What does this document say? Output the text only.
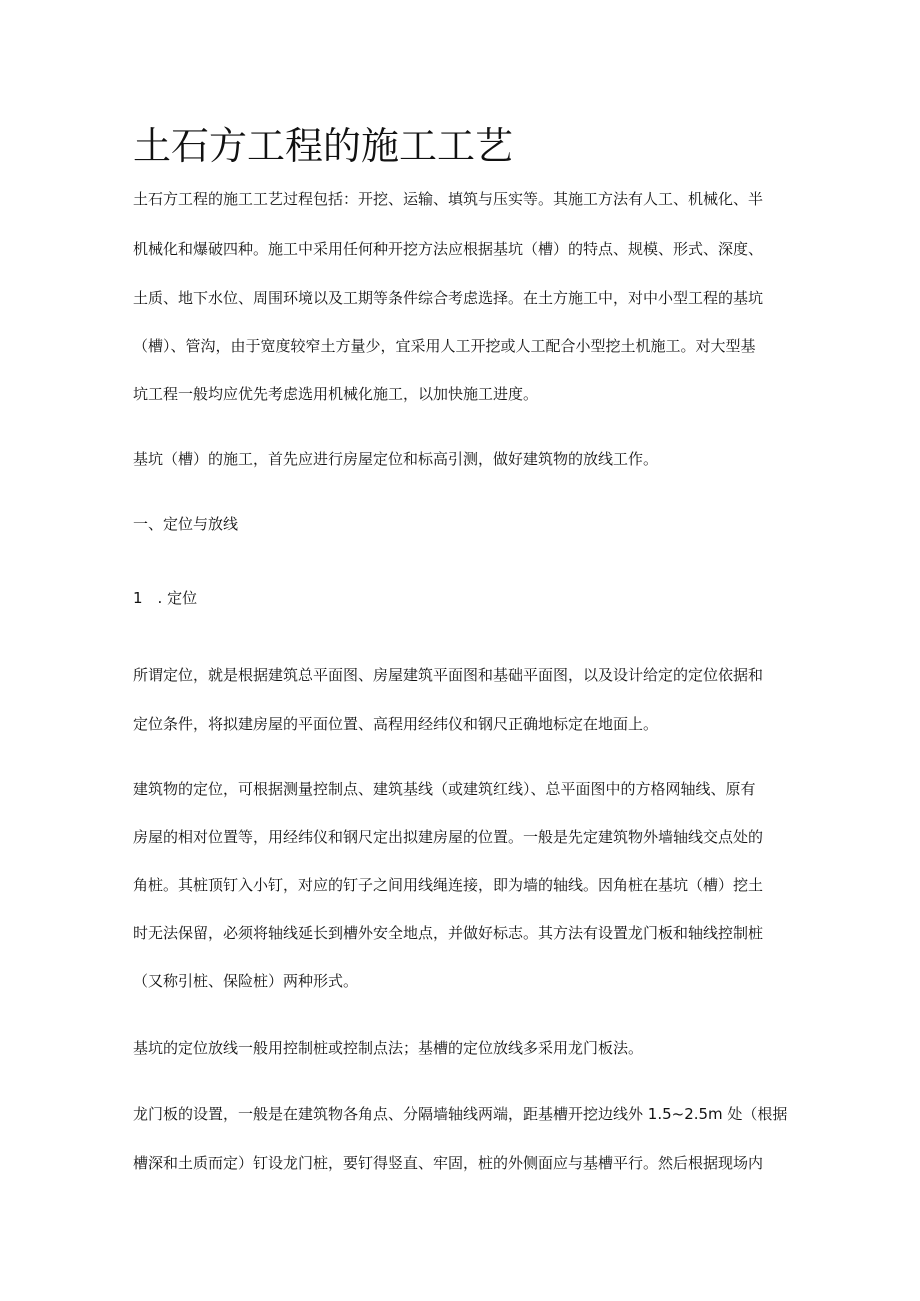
土石方工程的施工工艺

土石方工程的施工工艺过程包括：开挖、运输、填筑与压实等。其施工方法有人工、机械化、半

机械化和爆破四种。施工中采用任何种开挖方法应根据基坑（槽）的特点、规模、形式、深度、

土质、地下水位、周围环境以及工期等条件综合考虑选择。在土方施工中，对中小型工程的基坑

（槽）、管沟，由于宽度较窄土方量少，宜采用人工开挖或人工配合小型挖土机施工。对大型基

坑工程一般均应优先考虑选用机械化施工，以加快施工进度。

基坑（槽）的施工，首先应进行房屋定位和标高引测，做好建筑物的放线工作。

一、定位与放线

1　. 定位

所谓定位，就是根据建筑总平面图、房屋建筑平面图和基础平面图，以及设计给定的定位依据和

定位条件，将拟建房屋的平面位置、高程用经纬仪和钢尺正确地标定在地面上。

建筑物的定位，可根据测量控制点、建筑基线（或建筑红线）、总平面图中的方格网轴线、原有

房屋的相对位置等，用经纬仪和钢尺定出拟建房屋的位置。一般是先定建筑物外墙轴线交点处的

角桩。其桩顶钉入小钉，对应的钉子之间用线绳连接，即为墙的轴线。因角桩在基坑（槽）挖土

时无法保留，必须将轴线延长到槽外安全地点，并做好标志。其方法有设置龙门板和轴线控制桩

（又称引桩、保险桩）两种形式。

基坑的定位放线一般用控制桩或控制点法；基槽的定位放线多采用龙门板法。

龙门板的设置，一般是在建筑物各角点、分隔墙轴线两端，距基槽开挖边线外 1.5~2.5m 处（根据

槽深和土质而定）钉设龙门桩，要钉得竖直、牢固，桩的外侧面应与基槽平行。然后根据现场内
